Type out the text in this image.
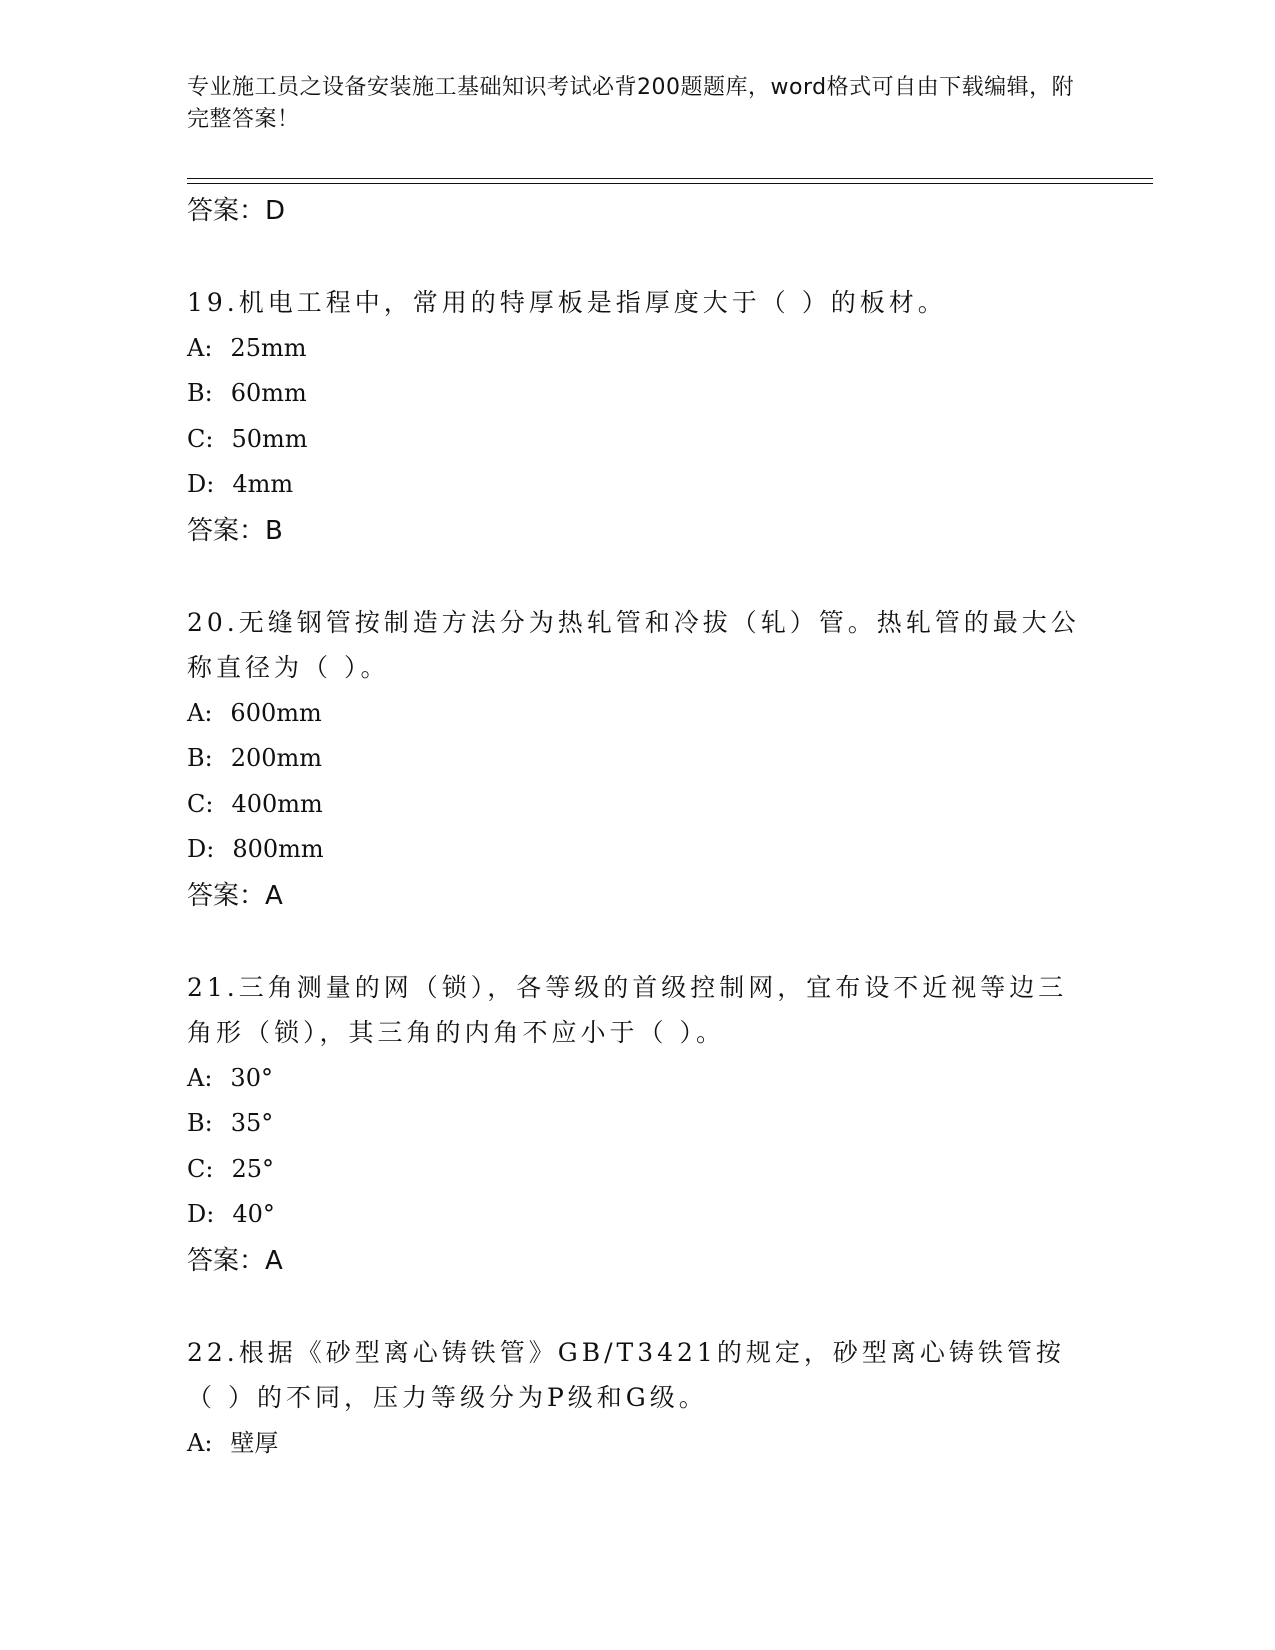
专业施工员之设备安装施工基础知识考试必背200题题库，word格式可自由下载编辑，附完整答案！
答案：D
19.机电工程中，常用的特厚板是指厚度大于（ ）的板材。
A: 25mm
B: 60mm
C: 50mm
D: 4mm
答案：B
20.无缝钢管按制造方法分为热轧管和冷拔（轧）管。热轧管的最大公称直径为（ ）。
A: 600mm
B: 200mm
C: 400mm
D: 800mm
答案：A
21.三角测量的网（锁），各等级的首级控制网，宜布设不近视等边三角形（锁），其三角的内角不应小于（ ）。
A: 30°
B: 35°
C: 25°
D: 40°
答案：A
22.根据《砂型离心铸铁管》GB/T3421的规定，砂型离心铸铁管按（ ）的不同，压力等级分为P级和G级。
A: 壁厚
